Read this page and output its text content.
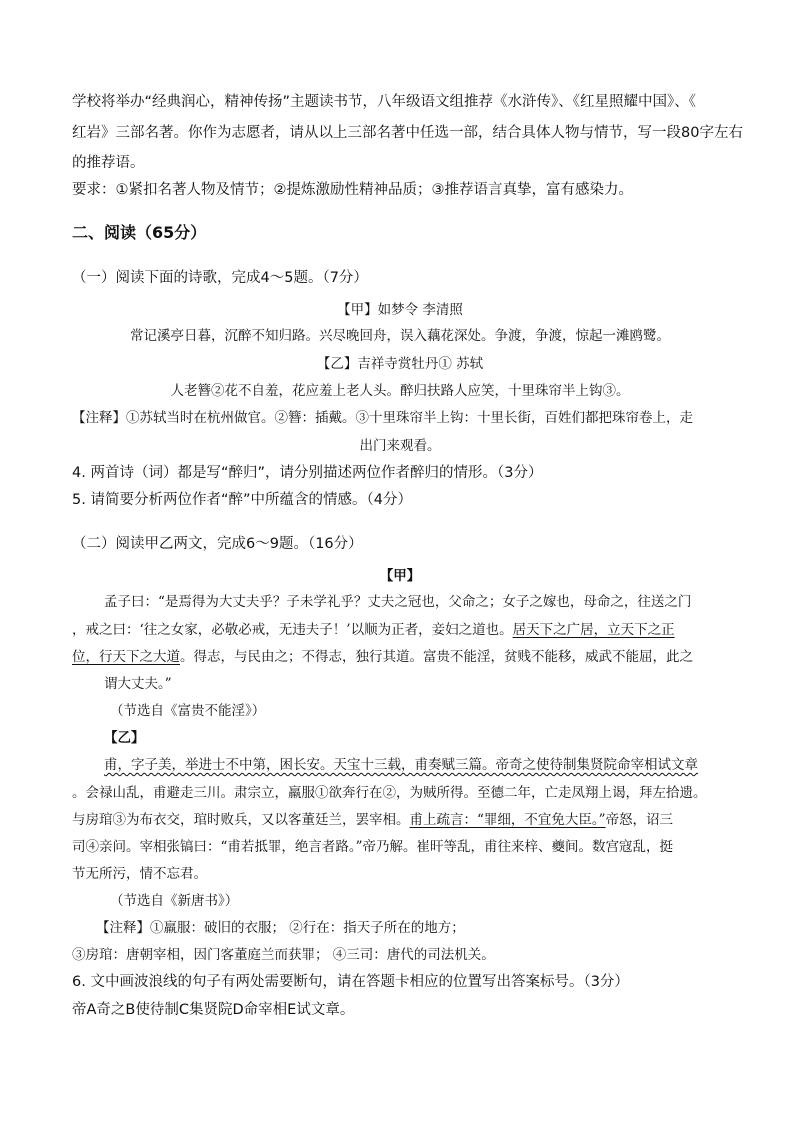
学校将举办“经典润心，精神传扬”主题读书节，八年级语文组推荐《水浒传》、《红星照耀中国》、《
红岩》三部名著。你作为志愿者，请从以上三部名著中任选一部，结合具体人物与情节，写一段80字左右
的推荐语。
要求：①紧扣名著人物及情节；②提炼激励性精神品质；③推荐语言真挚，富有感染力。
二、阅读（65分）
（一）阅读下面的诗歌，完成4～5题。（7分）
【甲】如梦令 李清照
常记溪亭日暮，沉醉不知归路。兴尽晚回舟，误入藕花深处。争渡，争渡，惊起一滩鸥鹭。
【乙】吉祥寺赏牡丹① 苏轼
人老簪②花不自羞，花应羞上老人头。醉归扶路人应笑，十里珠帘半上钩③。
【注释】①苏轼当时在杭州做官。②簪：插戴。③十里珠帘半上钩：十里长街，百姓们都把珠帘卷上，走
出门来观看。
4. 两首诗（词）都是写“醉归”，请分别描述两位作者醉归的情形。（3分）
5. 请简要分析两位作者“醉”中所蕴含的情感。（4分）
（二）阅读甲乙两文，完成6～9题。（16分）
【甲】
孟子曰：“是焉得为大丈夫乎？子未学礼乎？丈夫之冠也，父命之；女子之嫁也，母命之，往送之门
，戒之曰：‘往之女家，必敬必戒，无违夫子！’以顺为正者，妾妇之道也。居天下之广居，立天下之正
位，行天下之大道。得志，与民由之；不得志，独行其道。富贵不能淫，贫贱不能移，威武不能屈，此之
谓大丈夫。”
（节选自《富贵不能淫》）
【乙】
甫，字子美，举进士不中第，困长安。天宝十三载，甫奏赋三篇。帝奇之使待制集贤院命宰相试文章
。会禄山乱，甫避走三川。肃宗立，羸服①欲奔行在②，为贼所得。至德二年，亡走凤翔上谒，拜左拾遗。
与房琯③为布衣交，琯时败兵，又以客董廷兰，罢宰相。甫上疏言：“罪细，不宜免大臣。”帝怒，诏三
司④亲问。宰相张镐曰：“甫若抵罪，绝言者路。”帝乃解。崔旰等乱，甫往来梓、夔间。数宫寇乱，挺
节无所污，情不忘君。
（节选自《新唐书》）
【注释】①羸服：破旧的衣服； ②行在：指天子所在的地方；
③房琯：唐朝宰相，因门客董庭兰而获罪； ④三司：唐代的司法机关。
6. 文中画波浪线的句子有两处需要断句，请在答题卡相应的位置写出答案标号。（3分）
帝A奇之B使待制C集贤院D命宰相E试文章。
